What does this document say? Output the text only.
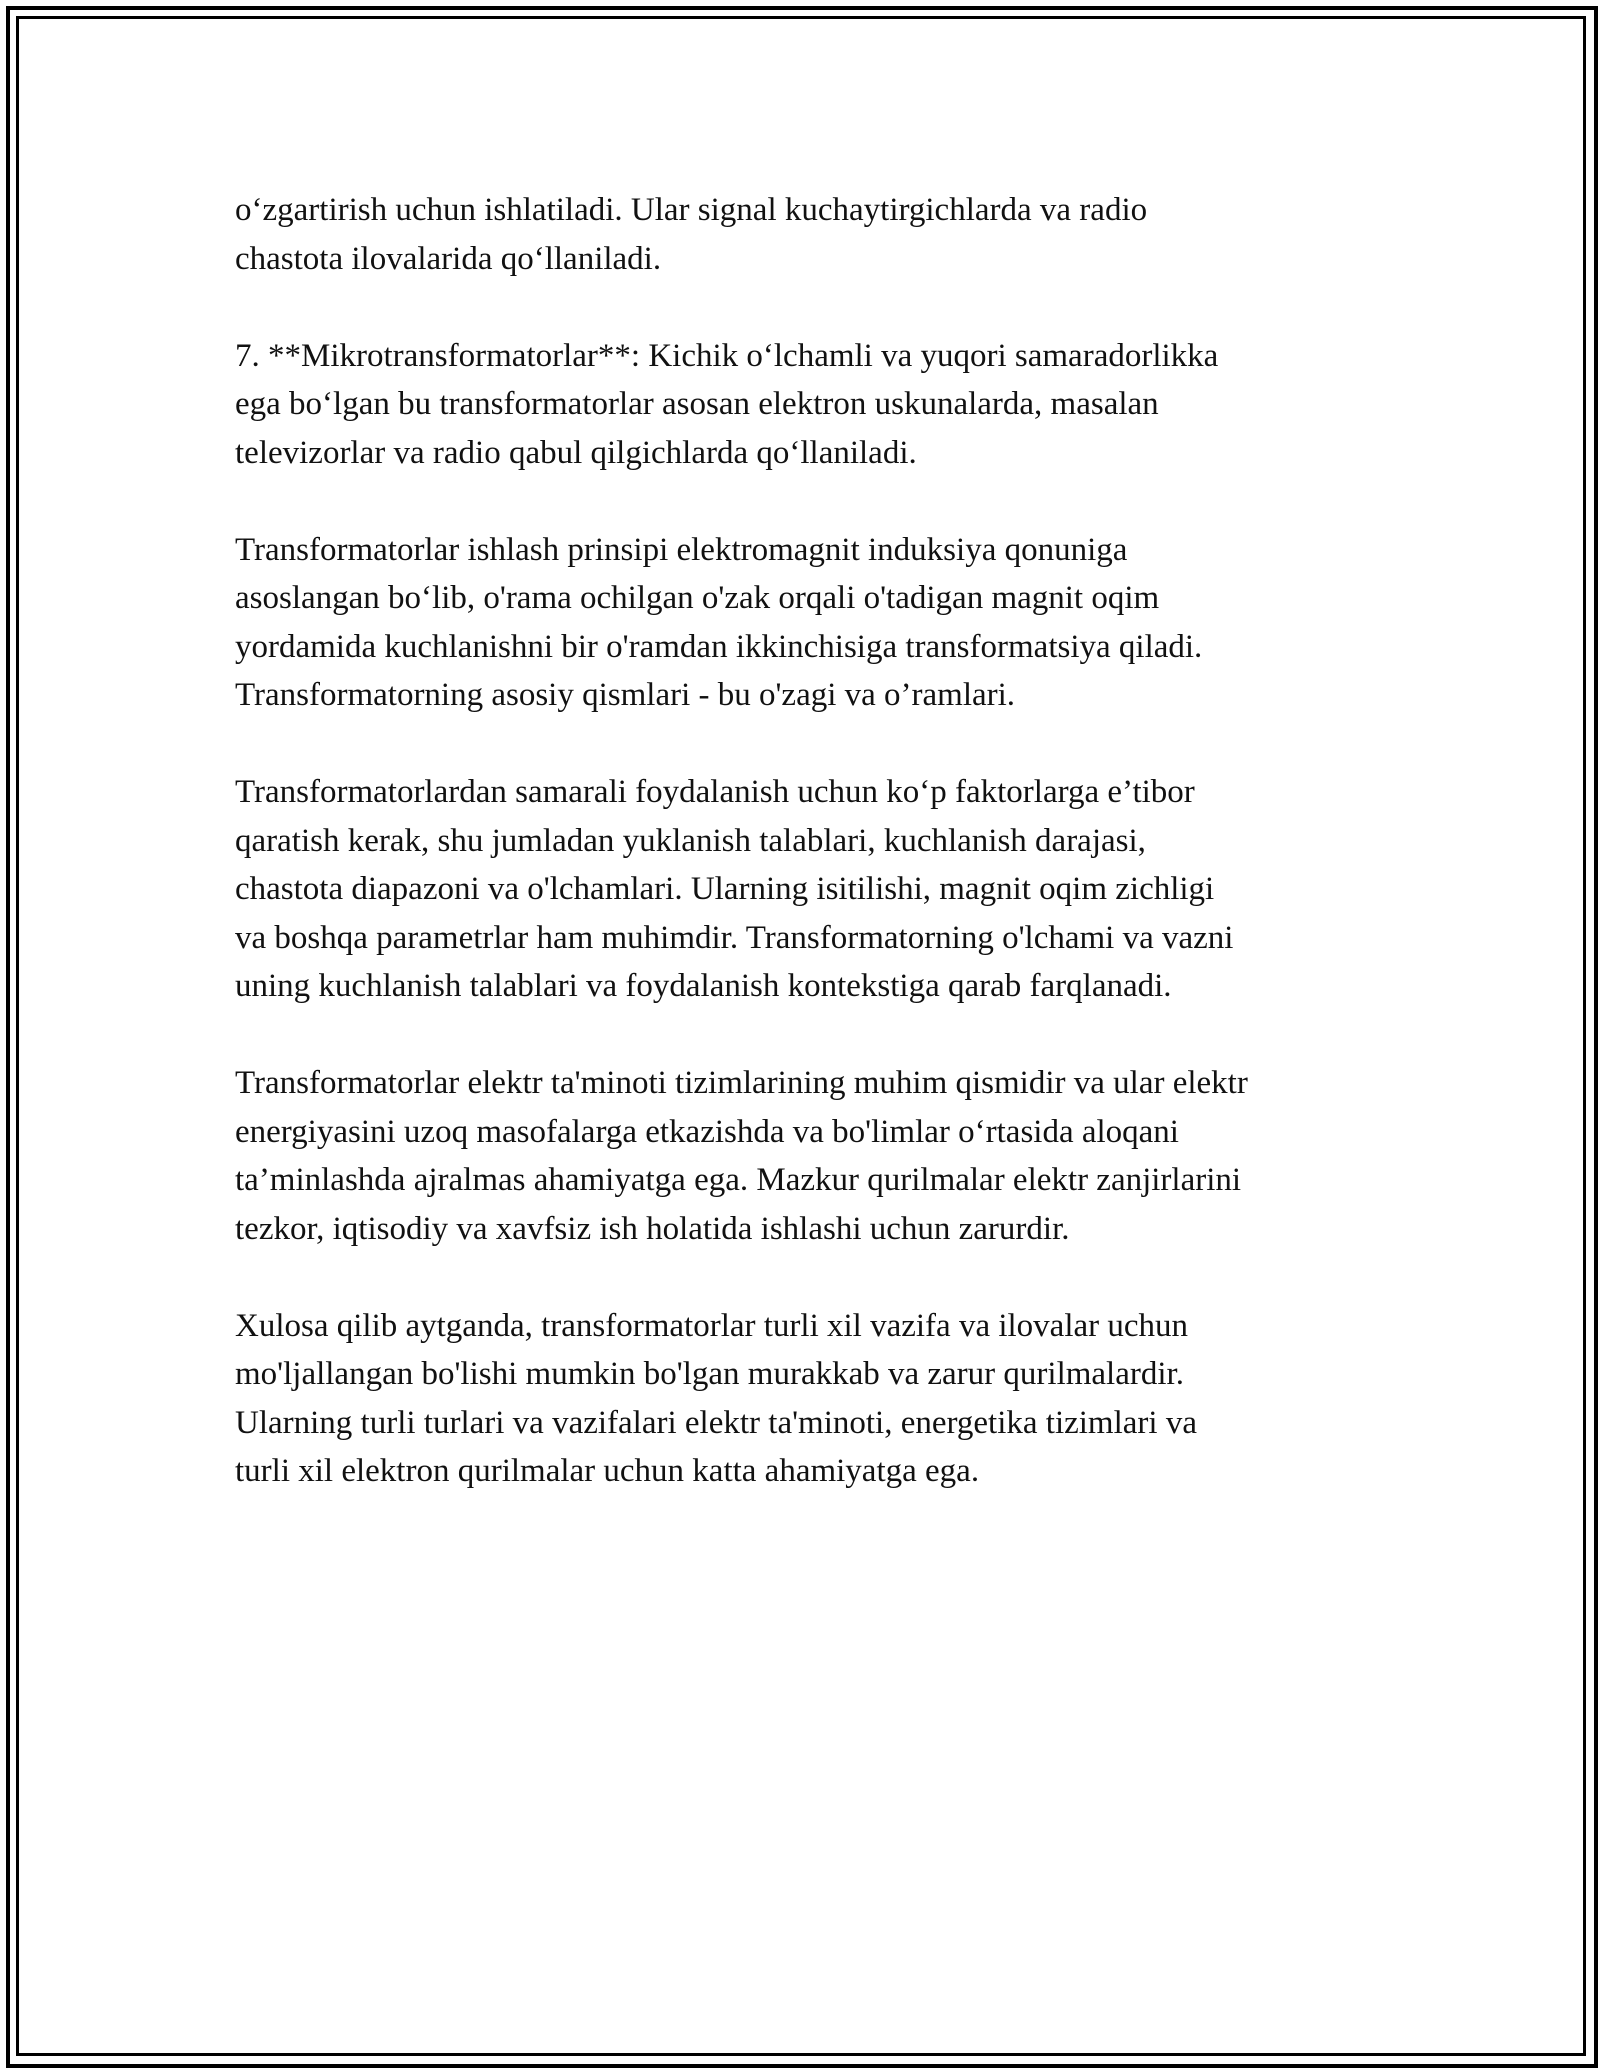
o‘zgartirish uchun ishlatiladi. Ular signal kuchaytirgichlarda va radio
chastota ilovalarida qo‘llaniladi.

7. **Mikrotransformatorlar**: Kichik o‘lchamli va yuqori samaradorlikka
ega bo‘lgan bu transformatorlar asosan elektron uskunalarda, masalan
televizorlar va radio qabul qilgichlarda qo‘llaniladi.

Transformatorlar ishlash prinsipi elektromagnit induksiya qonuniga
asoslangan bo‘lib, o'rama ochilgan o'zak orqali o'tadigan magnit oqim
yordamida kuchlanishni bir o'ramdan ikkinchisiga transformatsiya qiladi.
Transformatorning asosiy qismlari - bu o'zagi va o’ramlari.

Transformatorlardan samarali foydalanish uchun ko‘p faktorlarga e’tibor
qaratish kerak, shu jumladan yuklanish talablari, kuchlanish darajasi,
chastota diapazoni va o'lchamlari. Ularning isitilishi, magnit oqim zichligi
va boshqa parametrlar ham muhimdir. Transformatorning o'lchami va vazni
uning kuchlanish talablari va foydalanish kontekstiga qarab farqlanadi.

Transformatorlar elektr ta'minoti tizimlarining muhim qismidir va ular elektr
energiyasini uzoq masofalarga etkazishda va bo'limlar o‘rtasida aloqani
ta’minlashda ajralmas ahamiyatga ega. Mazkur qurilmalar elektr zanjirlarini
tezkor, iqtisodiy va xavfsiz ish holatida ishlashi uchun zarurdir.

Xulosa qilib aytganda, transformatorlar turli xil vazifa va ilovalar uchun
mo'ljallangan bo'lishi mumkin bo'lgan murakkab va zarur qurilmalardir.
Ularning turli turlari va vazifalari elektr ta'minoti, energetika tizimlari va
turli xil elektron qurilmalar uchun katta ahamiyatga ega.
